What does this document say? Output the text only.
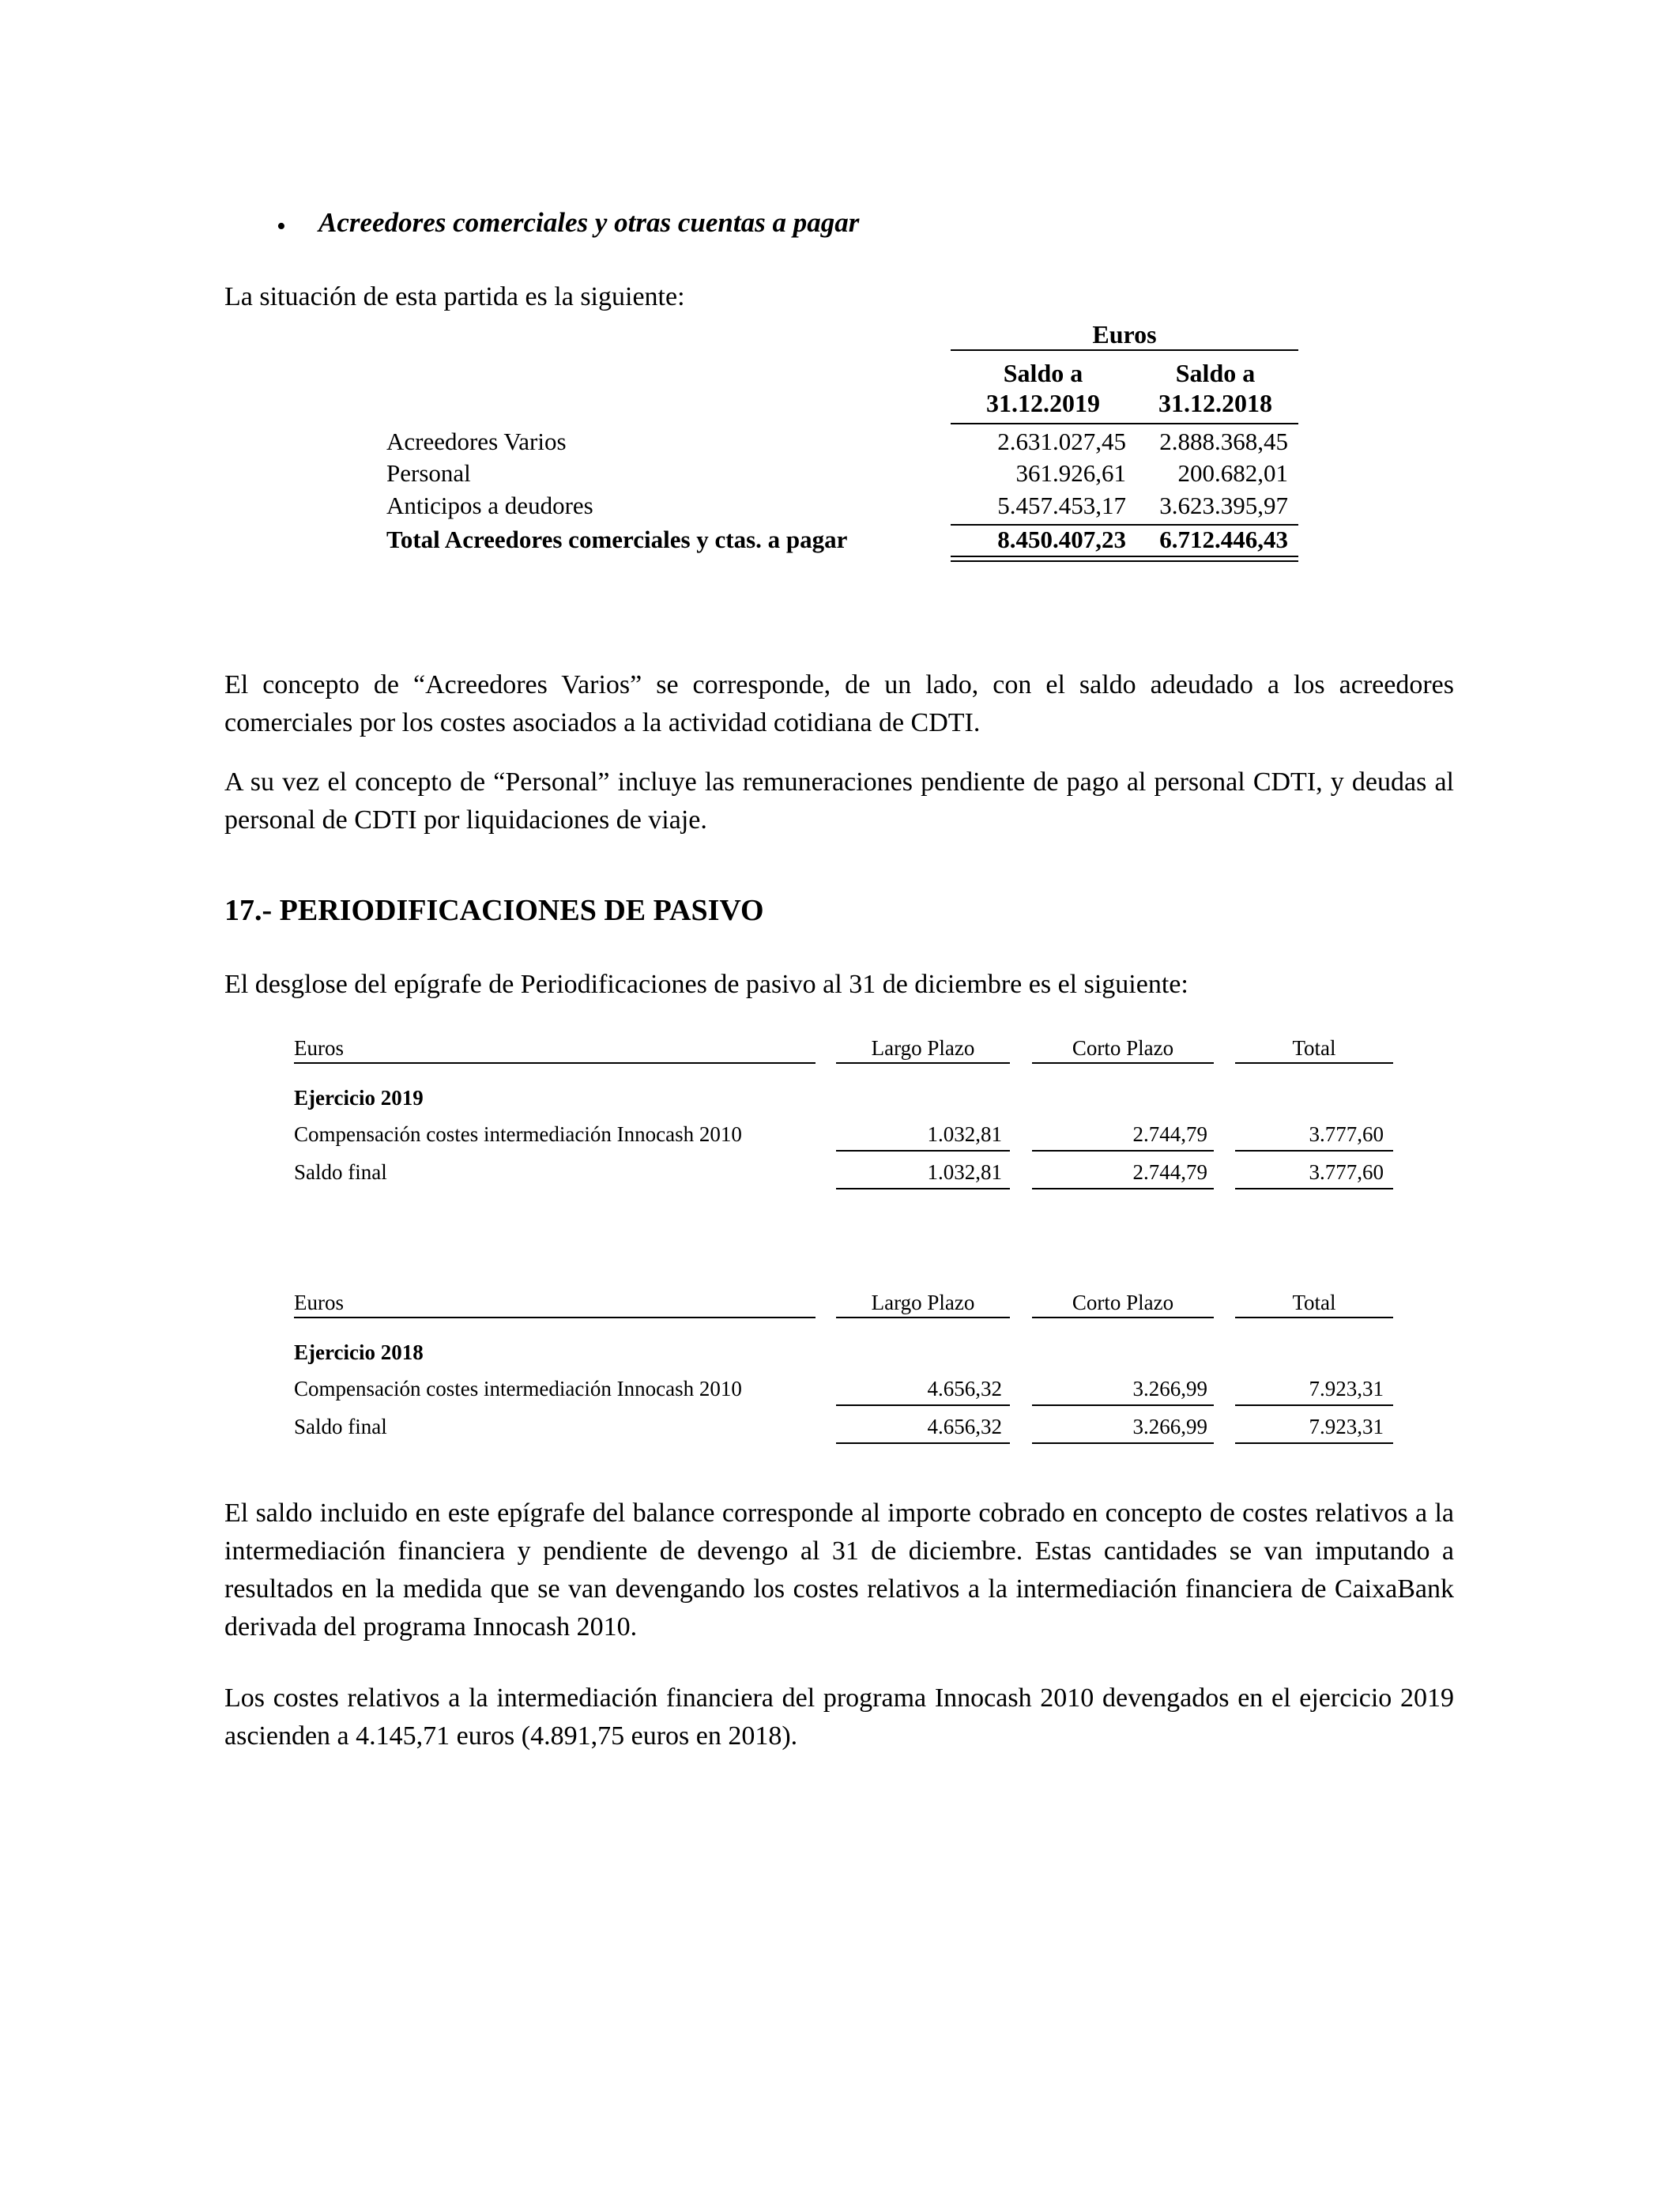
• Acreedores comerciales y otras cuentas a pagar
La situación de esta partida es la siguiente:
Euros
Saldo a
31.12.2019
Saldo a
31.12.2018
Acreedores Varios	2.631.027,45	2.888.368,45
Personal	361.926,61	200.682,01
Anticipos a deudores	5.457.453,17	3.623.395,97
Total Acreedores comerciales y ctas. a pagar	8.450.407,23	6.712.446,43
El concepto de “Acreedores Varios” se corresponde, de un lado, con el saldo adeudado a los acreedores comerciales por los costes asociados a la actividad cotidiana de CDTI.
A su vez el concepto de “Personal” incluye las remuneraciones pendiente de pago al personal CDTI, y deudas al personal de CDTI por liquidaciones de viaje.
17.- PERIODIFICACIONES DE PASIVO
El desglose del epígrafe de Periodificaciones de pasivo al 31 de diciembre es el siguiente:
Euros	Largo Plazo	Corto Plazo	Total
Ejercicio 2019
Compensación costes intermediación Innocash 2010	1.032,81	2.744,79	3.777,60
Saldo final	1.032,81	2.744,79	3.777,60
Euros	Largo Plazo	Corto Plazo	Total
Ejercicio 2018
Compensación costes intermediación Innocash 2010	4.656,32	3.266,99	7.923,31
Saldo final	4.656,32	3.266,99	7.923,31
El saldo incluido en este epígrafe del balance corresponde al importe cobrado en concepto de costes relativos a la intermediación financiera y pendiente de devengo al 31 de diciembre. Estas cantidades se van imputando a resultados en la medida que se van devengando los costes relativos a la intermediación financiera de CaixaBank derivada del programa Innocash 2010.
Los costes relativos a la intermediación financiera del programa Innocash 2010 devengados en el ejercicio 2019 ascienden a 4.145,71 euros (4.891,75 euros en 2018).
